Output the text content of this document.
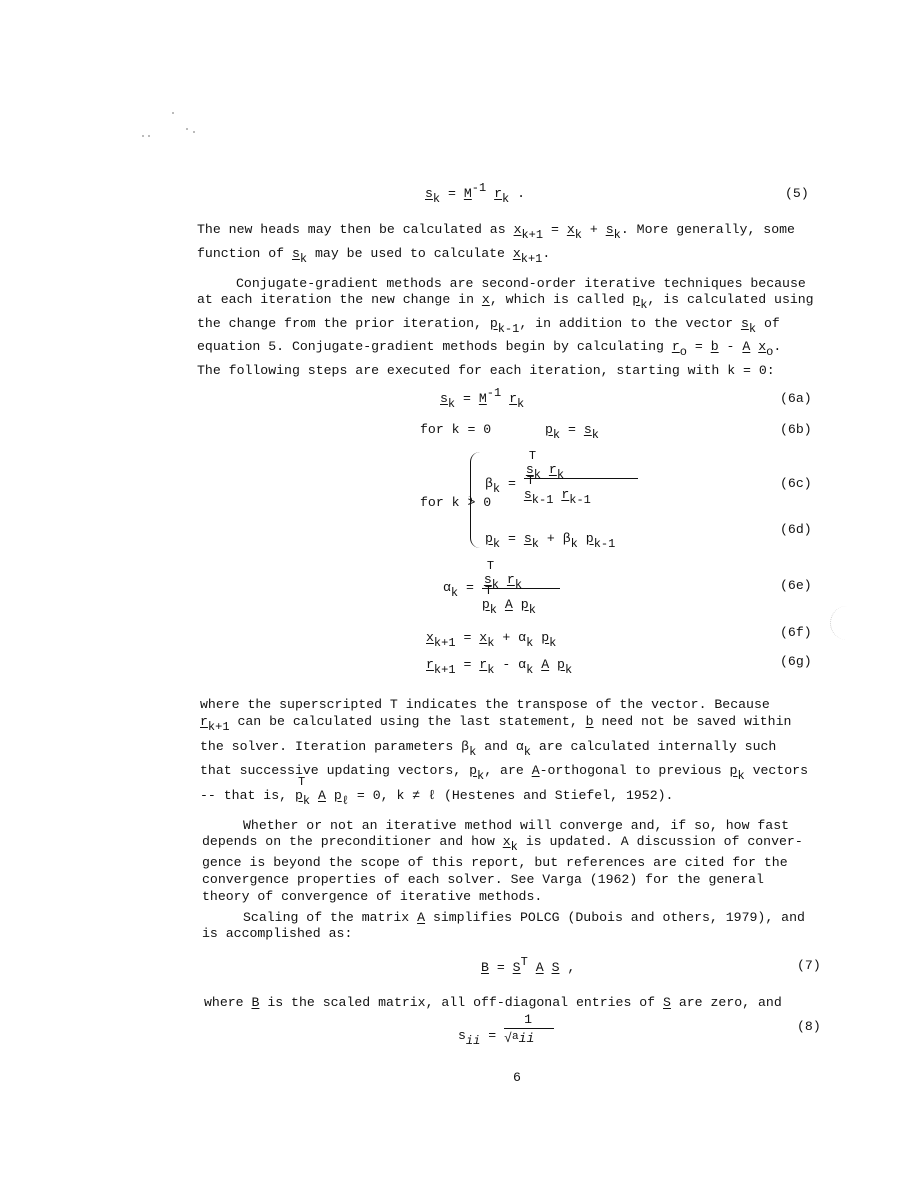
$s_k = M^{-1}$ $r_k$ .	(5)
The new heads may then be calculated as $x_{k+1} = x_k + s_k$. More generally, some
function of $s_k$ may be used to calculate $x_{k+1}$.
Conjugate-gradient methods are second-order iterative techniques because
at each iteration the new change in x, which is called $p_k$, is calculated using
the change from the prior iteration, $p_{k-1}$, in addition to the vector $s_k$ of
equation 5. Conjugate-gradient methods begin by calculating $r_o = b - A$ $x_o$.
The following steps are executed for each iteration, starting with k = 0:
$s_k = M^{-1}$ $r_k$	(6a)
for k = 0	$p_k = s_k$	(6b)
for k > 0
$\beta_k = s$
T
$_k$ $r_k$
s
T
$_{k-1}$ $r_{k-1}$	(6c)
$p_k = s_k + \beta_k$ $p_{k-1}$
(6d)
$\alpha_k = s$
T
$_k$ $r_k$
p
T
$_k$ A $p_k$	(6e)
$x_{k+1} = x_k + \alpha_k$ $p_k$
(6f)
$r_{k+1} = r_k - \alpha_k$ A $p_k$
(6g)
where the superscripted T indicates the transpose of the vector. Because
$r_{k+1}$ can be calculated using the last statement, b need not be saved within
the solver. Iteration parameters $\beta_k$ and $\alpha_k$ are calculated internally such
that successive updating vectors, $p_k$, are A-orthogonal to previous $p_k$ vectors
-- that is, p
T
$_k$ A $p_\ell = 0$, k ≠ ℓ (Hestenes and Stiefel, 1952).
Whether or not an iterative method will converge and, if so, how fast
depends on the preconditioner and how $x_k$ is updated. A discussion of conver-
gence is beyond the scope of this report, but references are cited for the
convergence properties of each solver. See Varga (1962) for the general
theory of convergence of iterative methods.
Scaling of the matrix A simplifies POLCG (Dubois and others, 1979), and
is accomplished as:
$B = S^T$ A S ,	(7)
where B is the scaled matrix, all off-diagonal entries of S are zero, and
$s_{ii} = \frac{1}{√^aii}$	(8)
6
